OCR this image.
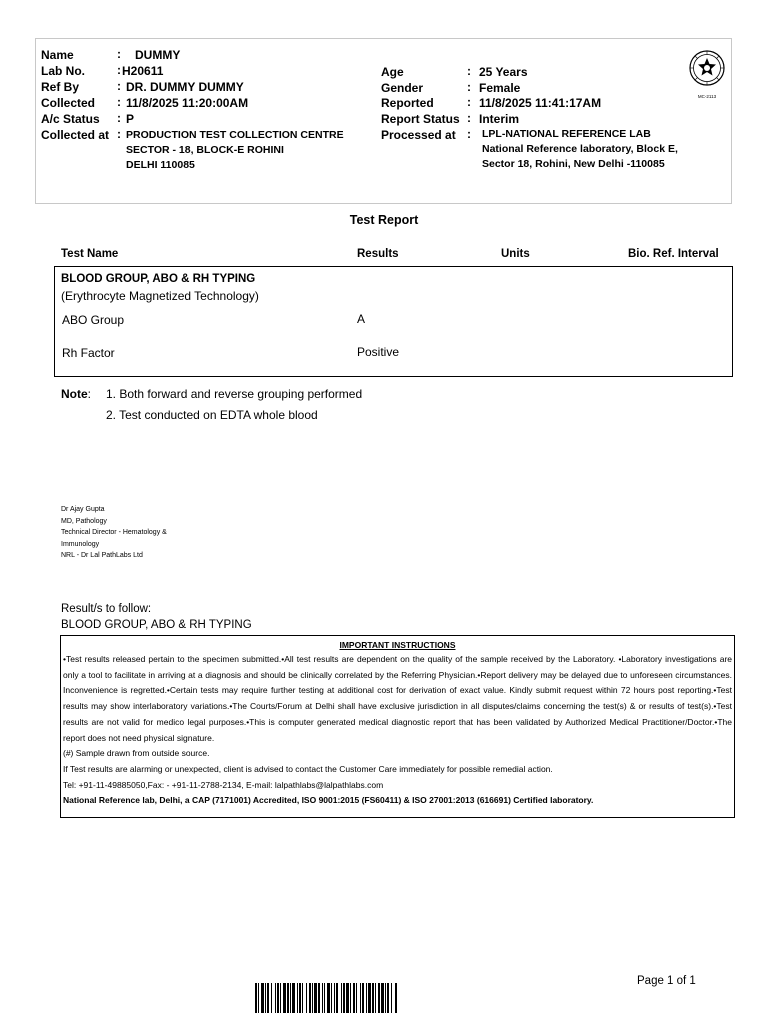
Name	: DUMMY
Lab No.	: H20611
Ref By	: DR. DUMMY DUMMY
Collected : 11/8/2025 11:20:00AM
A/c Status : P
Collected at : PRODUCTION TEST COLLECTION CENTRE
SECTOR - 18, BLOCK-E ROHINI
DELHI 110085
Age	: 25 Years
Gender	: Female
Reported	: 11/8/2025 11:41:17AM
Report Status : Interim
Processed at : LPL-NATIONAL REFERENCE LAB
National Reference laboratory, Block E,
Sector 18, Rohini, New Delhi -110085
MC-2113
Test Report
Test Name	Results	Units	Bio. Ref. Interval
BLOOD GROUP, ABO & RH TYPING
(Erythrocyte Magnetized Technology)
ABO Group	A
Rh Factor	Positive
Note: 1. Both forward and reverse grouping performed
2. Test conducted on EDTA whole blood
Dr Ajay Gupta
MD, Pathology
Technical Director - Hematology &
Immunology
NRL - Dr Lal PathLabs Ltd
Result/s to follow:
BLOOD GROUP, ABO & RH TYPING
IMPORTANT INSTRUCTIONS

•Test results released pertain to the specimen submitted.•All test results are dependent on the quality of the sample received by the Laboratory. •Laboratory investigations are only a tool to facilitate in arriving at a diagnosis and should be clinically correlated by the Referring Physician.•Report delivery may be delayed due to unforeseen circumstances. Inconvenience is regretted.•Certain tests may require further testing at additional cost for derivation of exact value. Kindly submit request within 72 hours post reporting.•Test results may show interlaboratory variations.•The Courts/Forum at Delhi shall have exclusive jurisdiction in all disputes/claims concerning the test(s) & or results of test(s).•Test results are not valid for medico legal purposes.•This is computer generated medical diagnostic report that has been validated by Authorized Medical Practitioner/Doctor.•The report does not need physical signature.

(#) Sample drawn from outside source.

If Test results are alarming or unexpected, client is advised to contact the Customer Care immediately for possible remedial action.

Tel: +91-11-49885050,Fax: - +91-11-2788-2134, E-mail: lalpathlabs@lalpathlabs.com

National Reference lab, Delhi, a CAP (7171001) Accredited, ISO 9001:2015 (FS60411) & ISO 27001:2013 (616691) Certified laboratory.

Page 1 of 1
